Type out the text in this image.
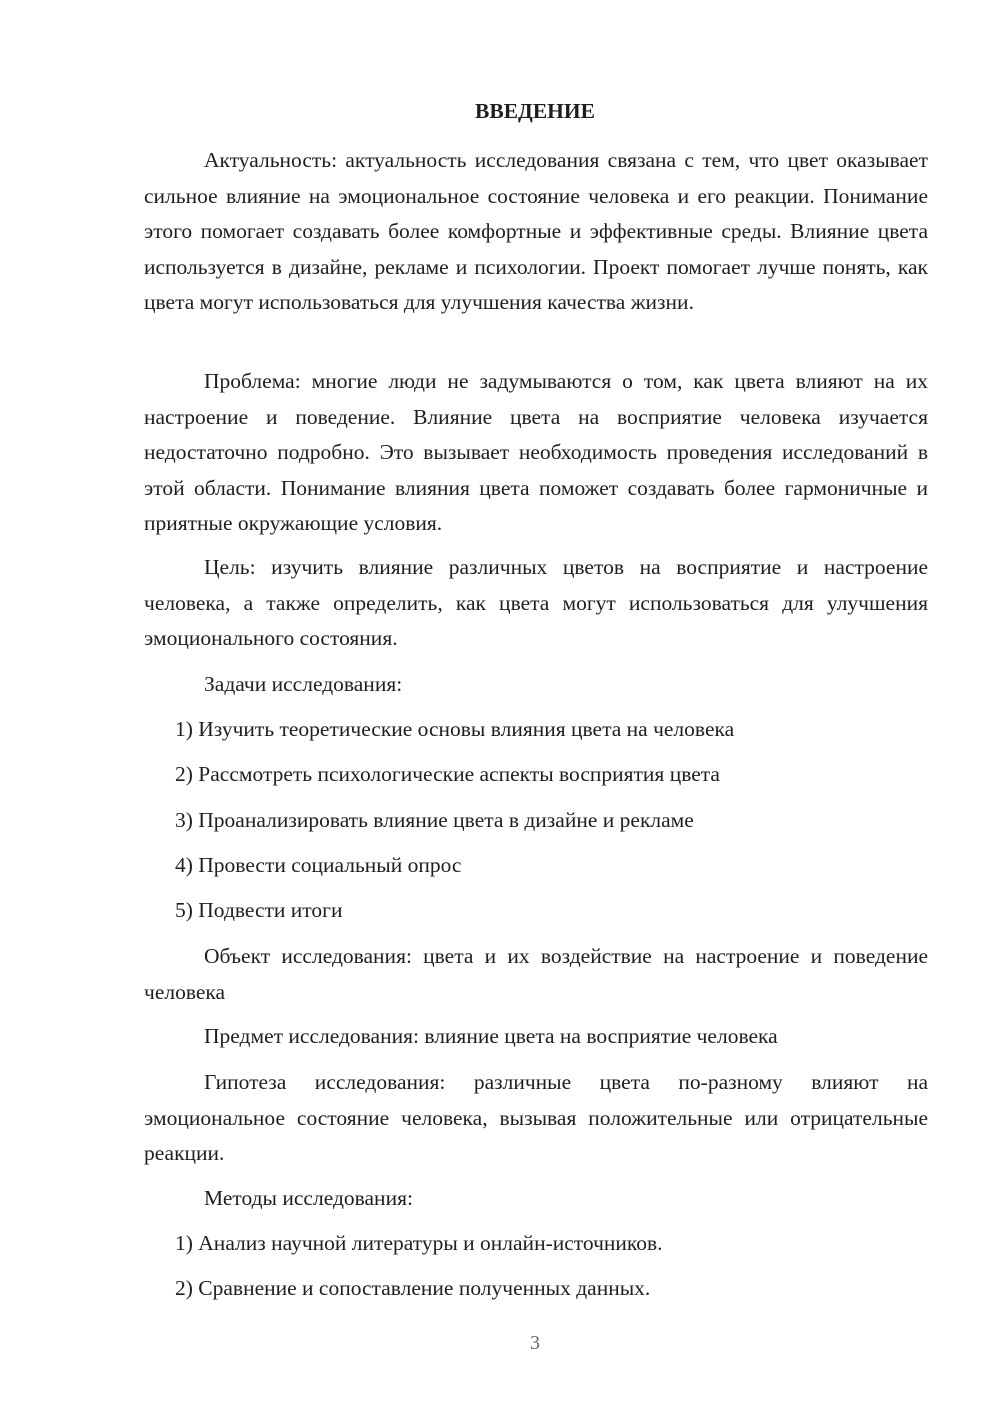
ВВЕДЕНИЕ

Актуальность: актуальность исследования связана с тем, что цвет оказывает сильное влияние на эмоциональное состояние человека и его реакции. Понимание этого помогает создавать более комфортные и эффективные среды. Влияние цвета используется в дизайне, рекламе и психологии. Проект помогает лучше понять, как цвета могут использоваться для улучшения качества жизни.

Проблема: многие люди не задумываются о том, как цвета влияют на их настроение и поведение. Влияние цвета на восприятие человека изучается недостаточно подробно. Это вызывает необходимость проведения исследований в этой области. Понимание влияния цвета поможет создавать более гармоничные и приятные окружающие условия.

Цель: изучить влияние различных цветов на восприятие и настроение человека, а также определить, как цвета могут использоваться для улучшения эмоционального состояния.

Задачи исследования:

1) Изучить теоретические основы влияния цвета на человека

2) Рассмотреть психологические аспекты восприятия цвета

3) Проанализировать влияние цвета в дизайне и рекламе

4) Провести социальный опрос

5) Подвести итоги

Объект исследования: цвета и их воздействие на настроение и поведение человека

Предмет исследования: влияние цвета на восприятие человека

Гипотеза исследования: различные цвета по-разному влияют на эмоциональное состояние человека, вызывая положительные или отрицательные реакции.

Методы исследования:

1) Анализ научной литературы и онлайн-источников.

2) Сравнение и сопоставление полученных данных.

3
